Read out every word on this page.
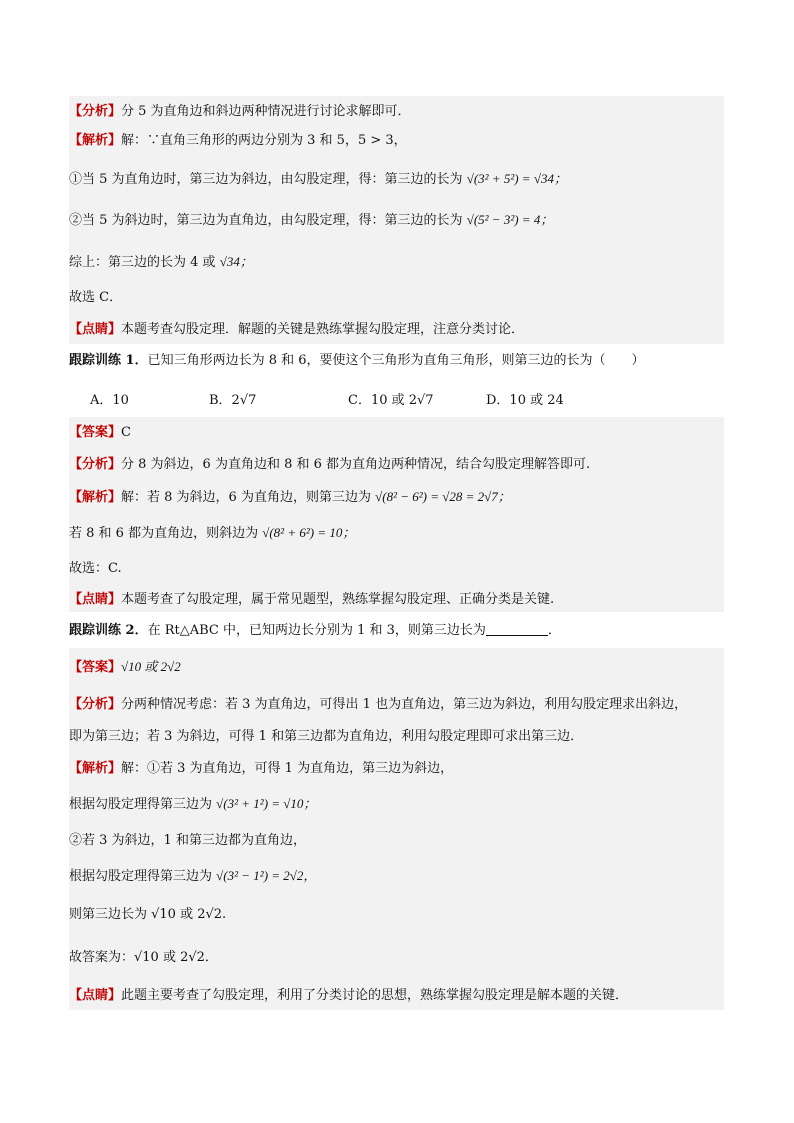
【分析】分 5 为直角边和斜边两种情况进行讨论求解即可．
【解析】解：∵直角三角形的两边分别为 3 和 5，5 > 3，
①当 5 为直角边时，第三边为斜边，由勾股定理，得：第三边的长为 √(3² + 5²) = √34；
②当 5 为斜边时，第三边为直角边，由勾股定理，得：第三边的长为 √(5² − 3²) = 4；
综上：第三边的长为 4 或 √34；
故选 C．
【点睛】本题考查勾股定理．解题的关键是熟练掌握勾股定理，注意分类讨论．
跟踪训练 1．已知三角形两边长为 8 和 6，要使这个三角形为直角三角形，则第三边的长为（　　）
A．10	B．2√7	C．10 或 2√7	D．10 或 24
【答案】C
【分析】分 8 为斜边，6 为直角边和 8 和 6 都为直角边两种情况，结合勾股定理解答即可.
【解析】解：若 8 为斜边，6 为直角边，则第三边为 √(8² − 6²) = √28 = 2√7；
若 8 和 6 都为直角边，则斜边为 √(8² + 6²) = 10；
故选：C.
【点睛】本题考查了勾股定理，属于常见题型，熟练掌握勾股定理、正确分类是关键.
跟踪训练 2．在 Rt△ABC 中，已知两边长分别为 1 和 3，则第三边长为	．
【答案】√10 或 2√2
【分析】分两种情况考虑：若 3 为直角边，可得出 1 也为直角边，第三边为斜边，利用勾股定理求出斜边，
即为第三边；若 3 为斜边，可得 1 和第三边都为直角边，利用勾股定理即可求出第三边．
【解析】解：①若 3 为直角边，可得 1 为直角边，第三边为斜边，
根据勾股定理得第三边为 √(3² + 1²) = √10；
②若 3 为斜边，1 和第三边都为直角边，
根据勾股定理得第三边为 √(3² − 1²) = 2√2，
则第三边长为 √10 或 2√2.
故答案为：√10 或 2√2．
【点睛】此题主要考查了勾股定理，利用了分类讨论的思想，熟练掌握勾股定理是解本题的关键．
